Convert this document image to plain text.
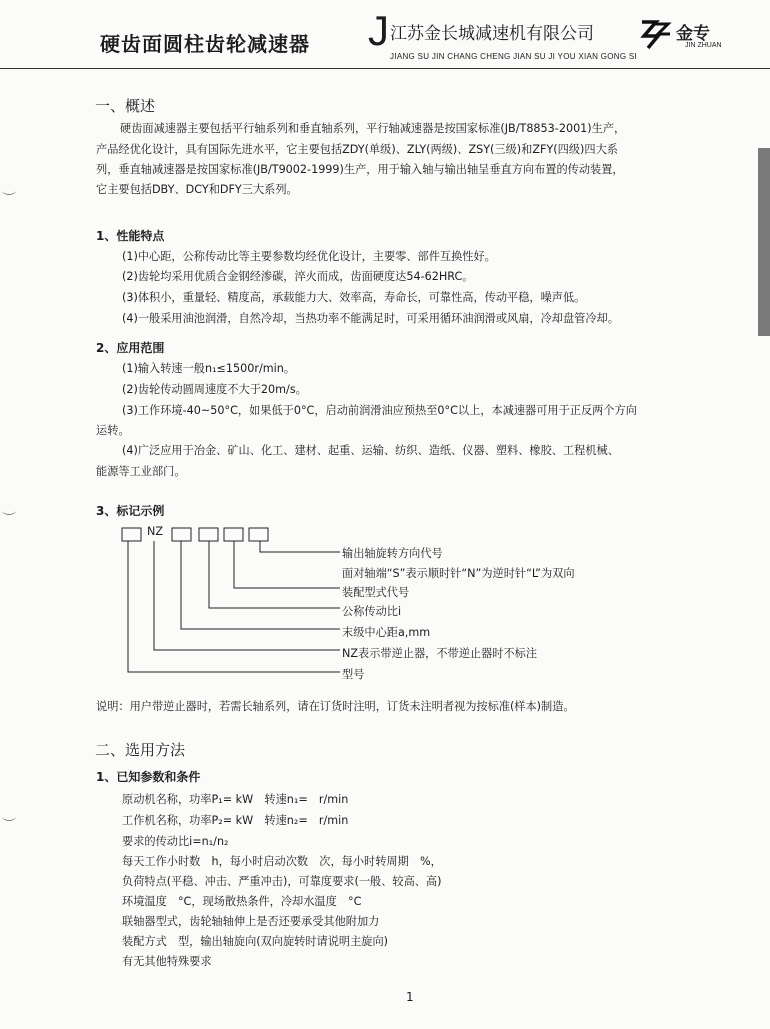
硬齿面圆柱齿轮减速器 J 江苏金长城减速机有限公司
JIANG SU JIN CHANG CHENG JIAN SU JI YOU XIAN GONG SI
金专
JIN ZHUAN
一、概述
硬齿面减速器主要包括平行轴系列和垂直轴系列，平行轴减速器是按国家标准(JB/T8853-2001)生产，
产品经优化设计，具有国际先进水平，它主要包括ZDY(单级)、ZLY(两级)、ZSY(三级)和ZFY(四级)四大系
列，垂直轴减速器是按国家标准(JB/T9002-1999)生产，用于输入轴与输出轴呈垂直方向布置的传动装置，
它主要包括DBY、DCY和DFY三大系列。
1、性能特点
(1)中心距，公称传动比等主要参数均经优化设计，主要零、部件互换性好。
(2)齿轮均采用优质合金钢经渗碳，淬火而成，齿面硬度达54-62HRC。
(3)体积小，重量轻、精度高，承载能力大、效率高，寿命长，可靠性高，传动平稳，噪声低。
(4)一般采用油池润滑，自然冷却，当热功率不能满足时，可采用循环油润滑或风扇，冷却盘管冷却。
2、应用范围
(1)输入转速一般n₁≤1500r/min。
(2)齿轮传动圆周速度不大于20m/s。
(3)工作环境-40~50°C，如果低于0°C，启动前润滑油应预热至0°C以上，本减速器可用于正反两个方向
运转。
(4)广泛应用于冶金、矿山、化工、建材、起重、运输、纺织、造纸、仪器、塑料、橡胶、工程机械、
能源等工业部门。
3、标记示例
NZ
输出轴旋转方向代号
面对轴端“S”表示顺时针“N”为逆时针“L”为双向
装配型式代号
公称传动比i
末级中心距a,mm
NZ表示带逆止器，不带逆止器时不标注
型号
说明：用户带逆止器时，若需长轴系列，请在订货时注明，订货未注明者视为按标准(样本)制造。
二、选用方法
1、已知参数和条件
原动机名称，功率P₁= kW　转速n₁=　r/min
工作机名称，功率P₂= kW　转速n₂=　r/min
要求的传动比i=n₁/n₂
每天工作小时数　h，每小时启动次数　次，每小时转周期　%，
负荷特点(平稳、冲击、严重冲击)，可靠度要求(一般、较高、高)
环境温度　°C，现场散热条件，冷却水温度　°C
联轴器型式，齿轮轴轴伸上是否还要承受其他附加力
装配方式　型，输出轴旋向(双向旋转时请说明主旋向)
有无其他特殊要求
1
